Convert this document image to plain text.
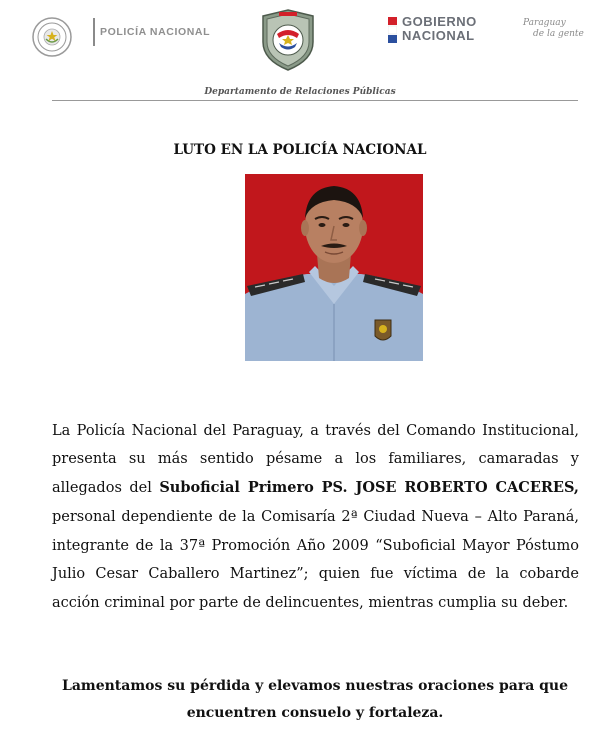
POLICÍA NACIONAL
GOBIERNO
NACIONAL
Paraguay
de la gente
Departamento de Relaciones Públicas
LUTO EN LA POLICÍA NACIONAL

La Policía Nacional del Paraguay, a través del Comando Institucional, presenta su más sentido pésame a los familiares, camaradas y allegados del Suboficial Primero PS. JOSE ROBERTO CACERES, personal dependiente de la Comisaría 2ª Ciudad Nueva – Alto Paraná, integrante de la 37ª Promoción Año 2009 “Suboficial Mayor Póstumo Julio Cesar Caballero Martinez”; quien fue víctima de la cobarde acción criminal por parte de delincuentes, mientras cumplia su deber.

Lamentamos su pérdida y elevamos nuestras oraciones para que encuentren consuelo y fortaleza.
